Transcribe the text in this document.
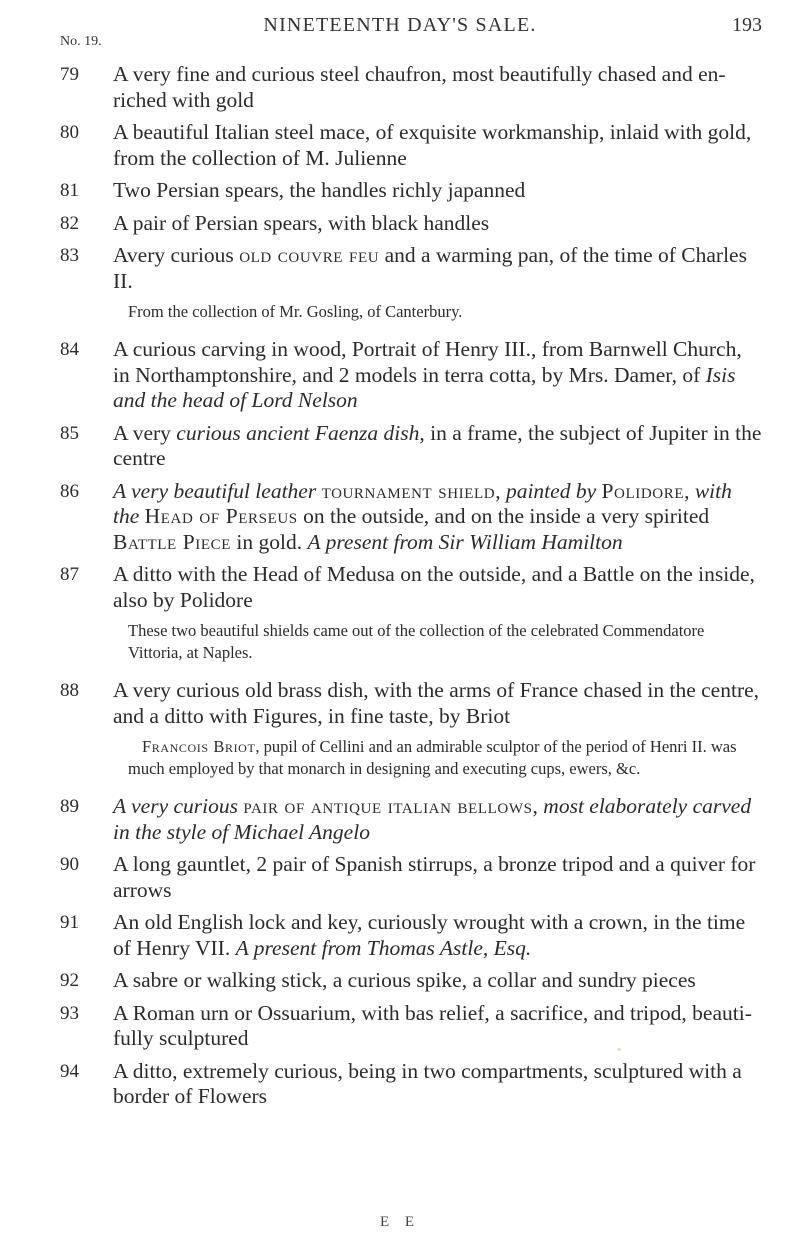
NINETEENTH DAY'S SALE.	193
No. 19.
79 A very fine and curious steel chaufron, most beautifully chased and en-riched with gold
80 A beautiful Italian steel mace, of exquisite workmanship, inlaid with gold, from the collection of M. Julienne
81 Two Persian spears, the handles richly japanned
82 A pair of Persian spears, with black handles
83 Avery curious old couvre feu and a warming pan, of the time of Charles II.
From the collection of Mr. Gosling, of Canterbury.
84 A curious carving in wood, Portrait of Henry III., from Barnwell Church, in Northamptonshire, and 2 models in terra cotta, by Mrs. Damer, of Isis and the head of Lord Nelson
85 A very curious ancient Faenza dish, in a frame, the subject of Jupiter in the centre
86 A very beautiful leather tournament shield, painted by Polidore, with the Head of Perseus on the outside, and on the inside a very spirited Battle Piece in gold. A present from Sir William Hamilton
87 A ditto with the Head of Medusa on the outside, and a Battle on the inside, also by Polidore
These two beautiful shields came out of the collection of the celebrated Commendatore Vittoria, at Naples.
88 A very curious old brass dish, with the arms of France chased in the centre, and a ditto with Figures, in fine taste, by Briot
Francois Briot, pupil of Cellini and an admirable sculptor of the period of Henri II. was much employed by that monarch in designing and executing cups, ewers, &c.
89 A very curious pair of antique italian bellows, most elaborately carved in the style of Michael Angelo
90 A long gauntlet, 2 pair of Spanish stirrups, a bronze tripod and a quiver for arrows
91 An old English lock and key, curiously wrought with a crown, in the time of Henry VII. A present from Thomas Astle, Esq.
92 A sabre or walking stick, a curious spike, a collar and sundry pieces
93 A Roman urn or Ossuarium, with bas relief, a sacrifice, and tripod, beauti-fully sculptured
94 A ditto, extremely curious, being in two compartments, sculptured with a border of Flowers
E E
